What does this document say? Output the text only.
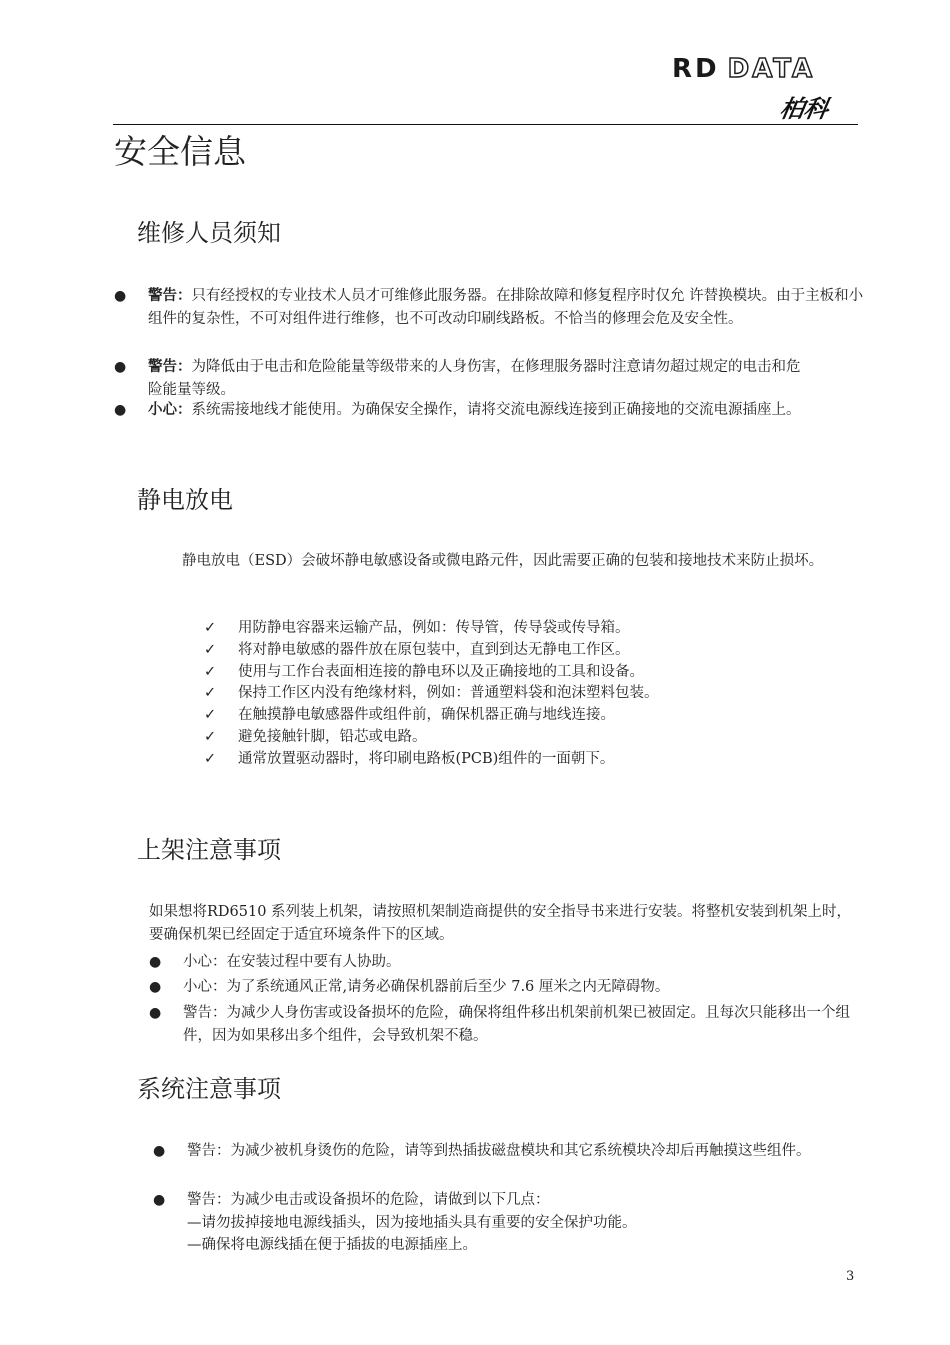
RD DATA
柏科
安全信息
维修人员须知
● 警告：只有经授权的专业技术人员才可维修此服务器。在排除故障和修复程序时仅允 许替换模块。由于主板和小组件的复杂性，不可对组件进行维修，也不可改动印刷线路板。不恰当的修理会危及安全性。
● 警告：为降低由于电击和危险能量等级带来的人身伤害，在修理服务器时注意请勿超过规定的电击和危险能量等级。
● 小心：系统需接地线才能使用。为确保安全操作，请将交流电源线连接到正确接地的交流电源插座上。
静电放电

静电放电（ESD）会破坏静电敏感设备或微电路元件，因此需要正确的包装和接地技术来防止损坏。

✓ 用防静电容器来运输产品，例如：传导管，传导袋或传导箱。
✓ 将对静电敏感的器件放在原包装中，直到到达无静电工作区。
✓ 使用与工作台表面相连接的静电环以及正确接地的工具和设备。
✓ 保持工作区内没有绝缘材料，例如：普通塑料袋和泡沫塑料包装。
✓ 在触摸静电敏感器件或组件前，确保机器正确与地线连接。
✓ 避免接触针脚，铅芯或电路。
✓ 通常放置驱动器时，将印刷电路板(PCB)组件的一面朝下。
上架注意事项

如果想将RD6510 系列装上机架，请按照机架制造商提供的安全指导书来进行安装。将整机安装到机架上时，要确保机架已经固定于适宜环境条件下的区域。

● 小心：在安装过程中要有人协助。
● 小心：为了系统通风正常,请务必确保机器前后至少 7.6 厘米之内无障碍物。
● 警告：为减少人身伤害或设备损坏的危险，确保将组件移出机架前机架已被固定。且每次只能移出一个组件，因为如果移出多个组件，会导致机架不稳。
系统注意事项
● 警告：为减少被机身烫伤的危险，请等到热插拔磁盘模块和其它系统模块冷却后再触摸这些组件。
● 警告：为减少电击或设备损坏的危险，请做到以下几点：
—请勿拔掉接地电源线插头，因为接地插头具有重要的安全保护功能。
—确保将电源线插在便于插拔的电源插座上。
3
